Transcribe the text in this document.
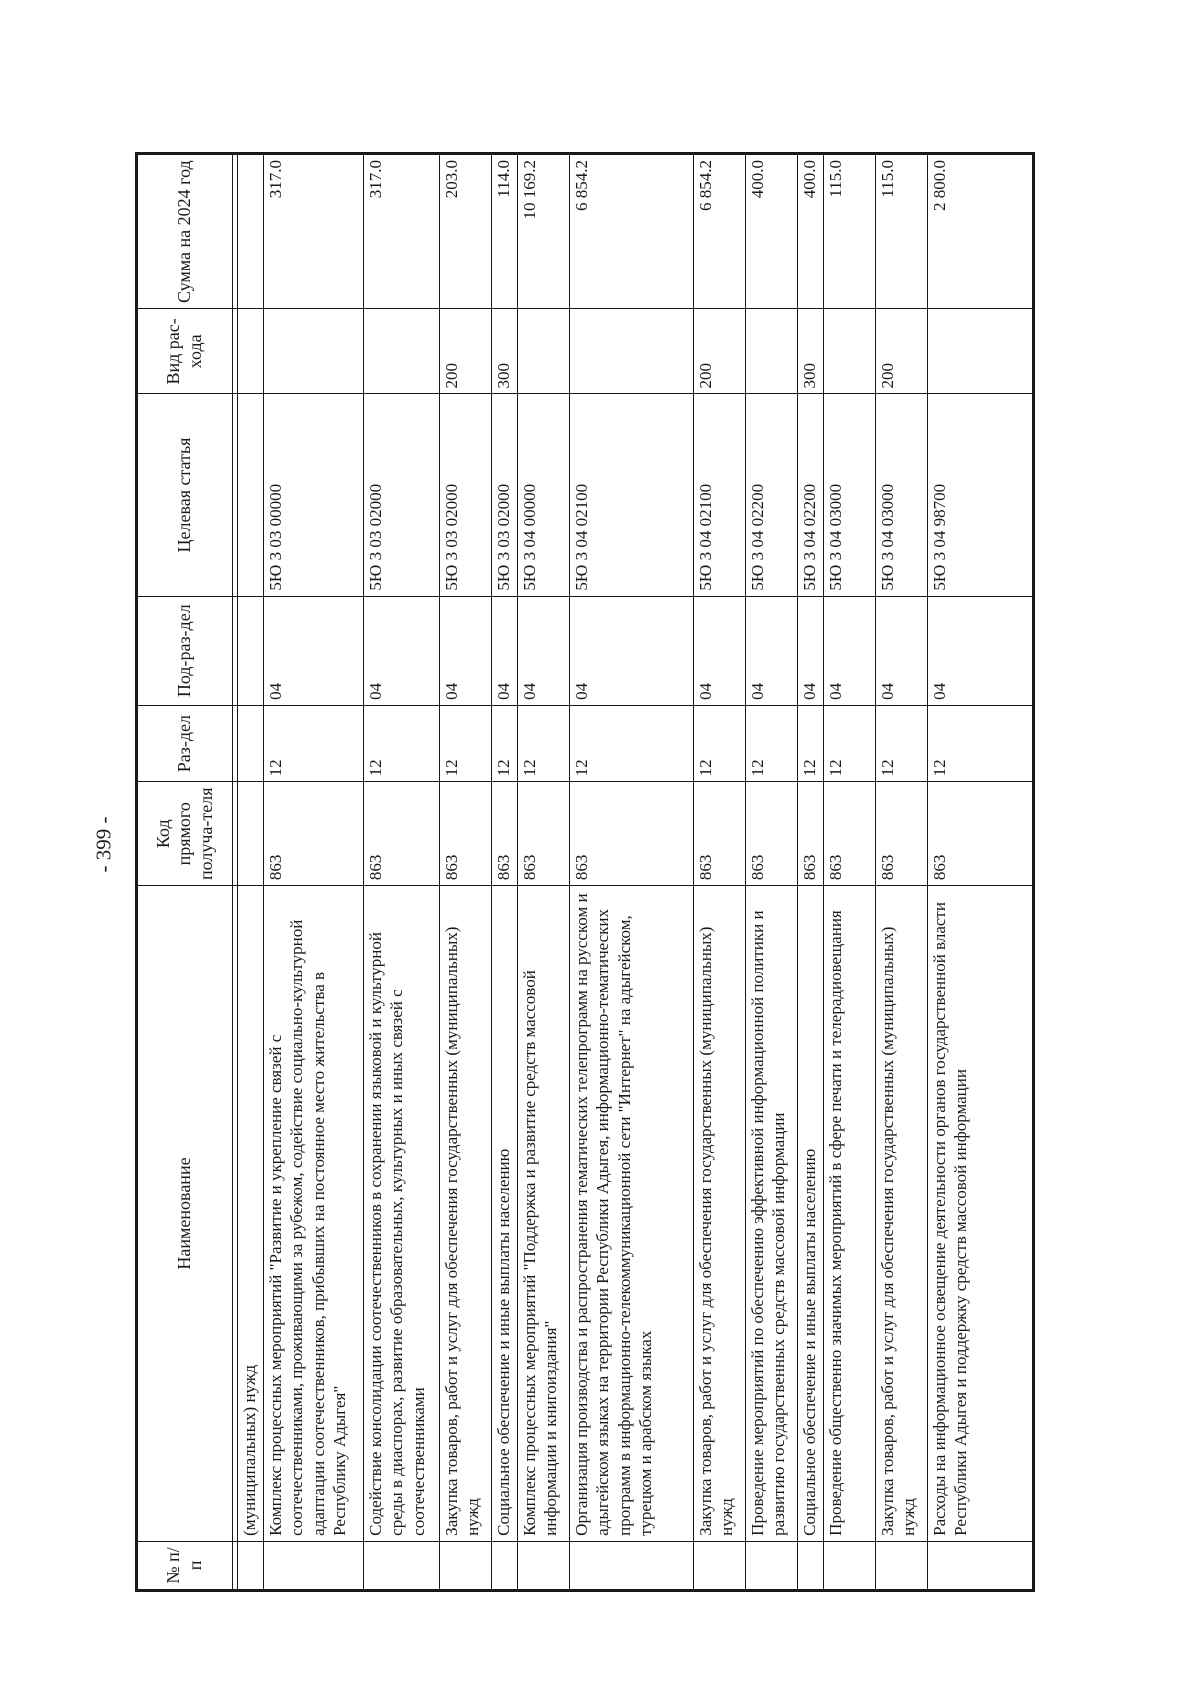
- 399 -
№ п/п	Наименование	Код прямого получа-теля	Раз-дел	Под-раз-дел	Целевая статья	Вид рас-хода	Сумма на 2024 год

	(муниципальных) нужд						
	Комплекс процессных мероприятий "Развитие и укрепление связей с соотечественниками, проживающими за рубежом, содействие социально-культурной адаптации соотечественников, прибывших на постоянное место жительства в Республику Адыгея"	863	12	04	5Ю 3 03 00000		317.0
	Содействие консолидации соотечественников в сохранении языковой и культурной среды в диаспорах, развитие образовательных, культурных и иных связей с соотечественниками	863	12	04	5Ю 3 03 02000		317.0
	Закупка товаров, работ и услуг для обеспечения государственных (муниципальных) нужд	863	12	04	5Ю 3 03 02000	200	203.0
	Социальное обеспечение и иные выплаты населению	863	12	04	5Ю 3 03 02000	300	114.0
	Комплекс процессных мероприятий "Поддержка и развитие средств массовой информации и книгоиздания"	863	12	04	5Ю 3 04 00000		10 169.2
	Организация производства и распространения тематических телепрограмм на русском и адыгейском языках на территории Республики Адыгея, информационно-тематических программ в информационно-телекоммуникационной сети "Интернет" на адыгейском, турецком и арабском языках	863	12	04	5Ю 3 04 02100		6 854.2
	Закупка товаров, работ и услуг для обеспечения государственных (муниципальных) нужд	863	12	04	5Ю 3 04 02100	200	6 854.2
	Проведение мероприятий по обеспечению эффективной информационной политики и развитию государственных средств массовой информации	863	12	04	5Ю 3 04 02200		400.0
	Социальное обеспечение и иные выплаты населению	863	12	04	5Ю 3 04 02200	300	400.0
	Проведение общественно значимых мероприятий в сфере печати и телерадиовещания	863	12	04	5Ю 3 04 03000		115.0
	Закупка товаров, работ и услуг для обеспечения государственных (муниципальных) нужд	863	12	04	5Ю 3 04 03000	200	115.0
	Расходы на информационное освещение деятельности органов государственной власти Республики Адыгея и поддержку средств массовой информации	863	12	04	5Ю 3 04 98700		2 800.0
